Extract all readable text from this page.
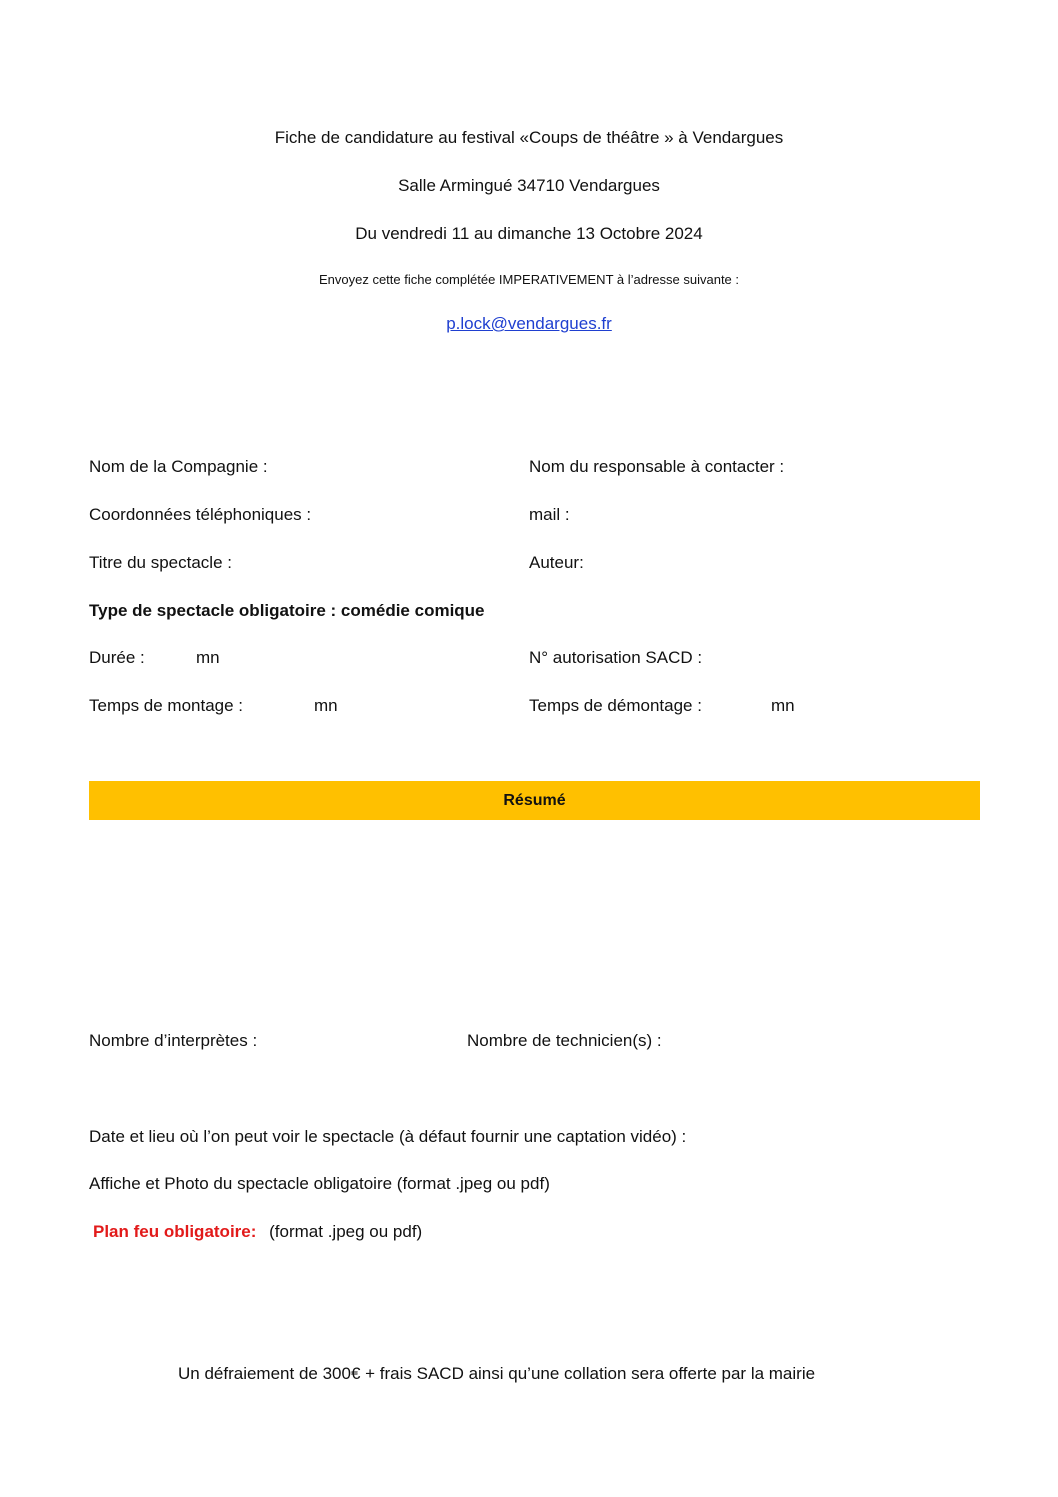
Fiche de candidature au festival «Coups de théâtre » à Vendargues
Salle Armingué 34710 Vendargues
Du vendredi 11 au dimanche 13 Octobre 2024
Envoyez cette fiche complétée IMPERATIVEMENT à l’adresse suivante :
p.lock@vendargues.fr
Nom de la Compagnie :	Nom du responsable à contacter :
Coordonnées téléphoniques :	mail :
Titre du spectacle :	Auteur:
Type de spectacle obligatoire : comédie comique
Durée :	mn	N° autorisation SACD :
Temps de montage :	mn	Temps de démontage :	mn
Résumé
Nombre d’interprètes :	Nombre de technicien(s) :
Date et lieu où l’on peut voir le spectacle (à défaut fournir une captation vidéo) :
Affiche et Photo du spectacle obligatoire (format .jpeg ou pdf)
Plan feu obligatoire: (format .jpeg ou pdf)
Un défraiement de 300€ + frais SACD ainsi qu’une collation sera offerte par la mairie
